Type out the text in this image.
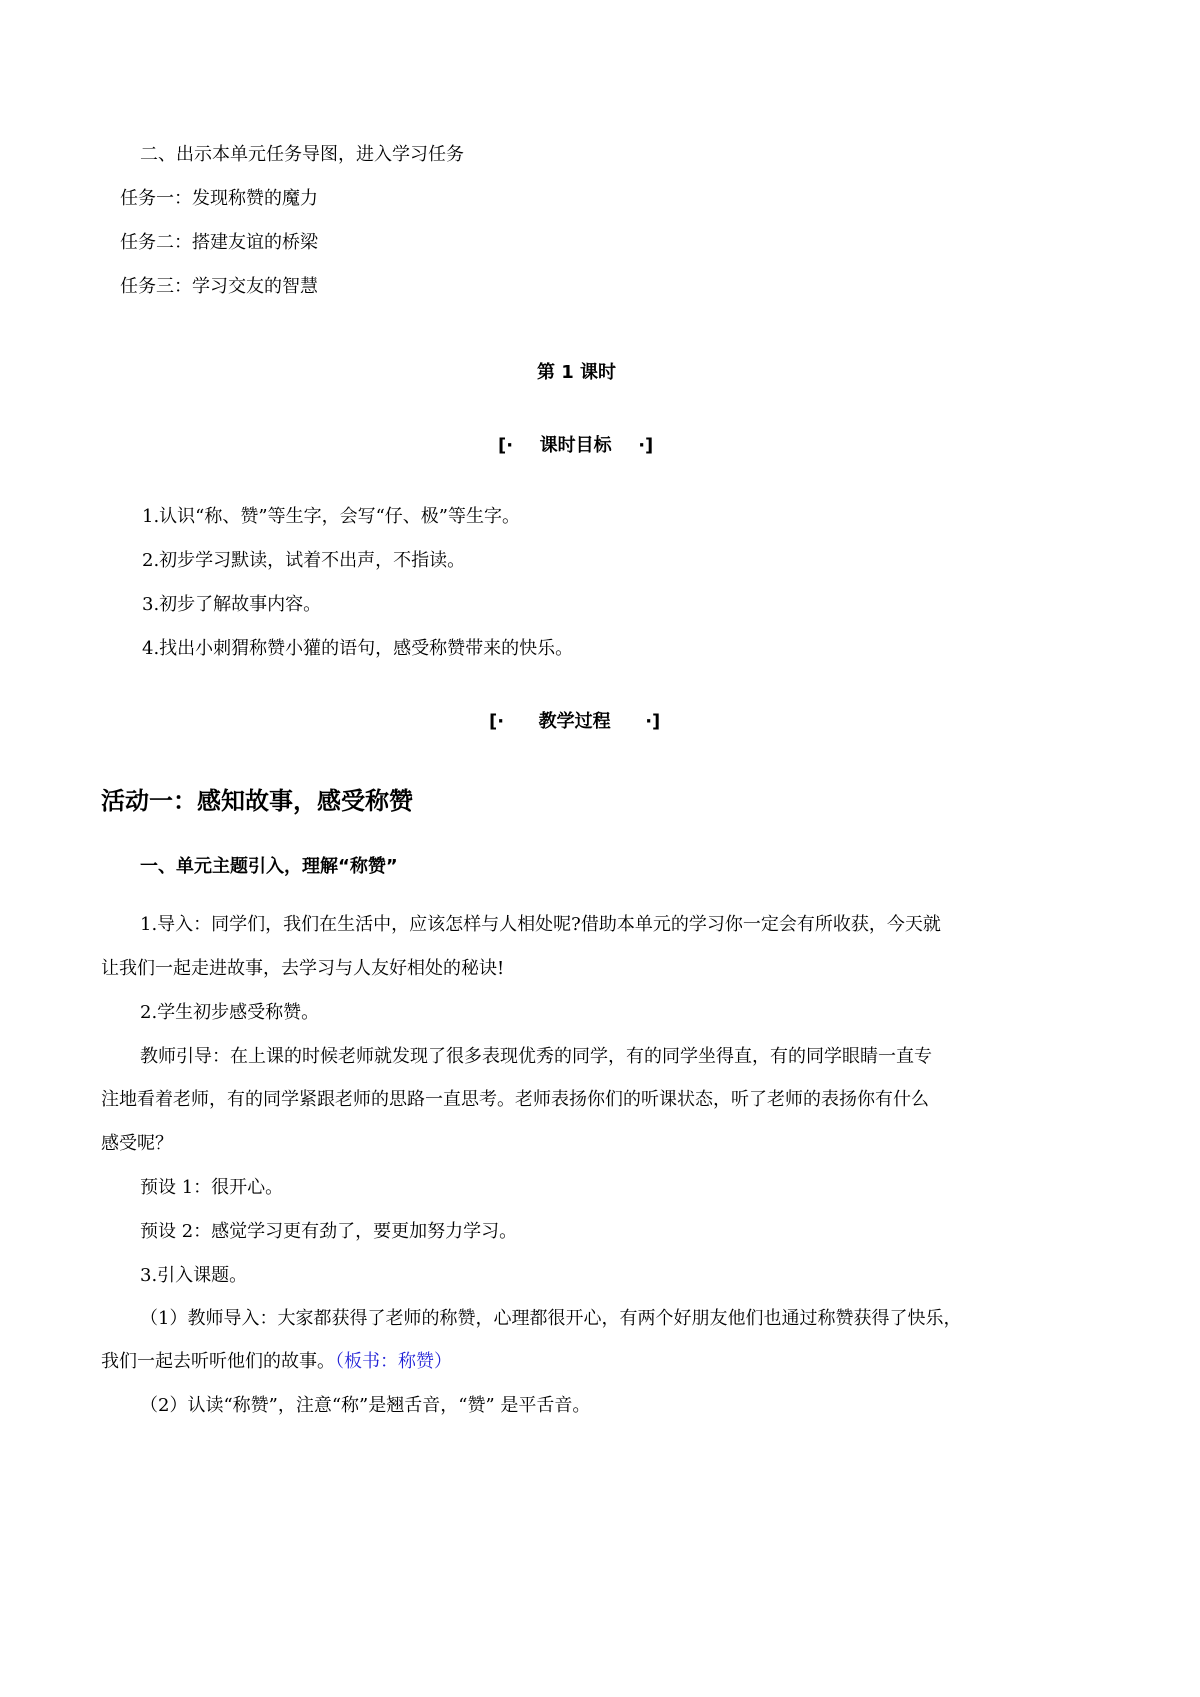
二、出示本单元任务导图，进入学习任务
任务一：发现称赞的魔力
任务二：搭建友谊的桥梁
任务三：学习交友的智慧
第 1 课时
[· 课时目标 ·]
1.认识“称、赞”等生字，会写“仔、极”等生字。
2.初步学习默读，试着不出声，不指读。
3.初步了解故事内容。
4.找出小刺猬称赞小獾的语句，感受称赞带来的快乐。
[· 教学过程 ·]
活动一：感知故事，感受称赞
一、单元主题引入，理解“称赞”
1.导入：同学们，我们在生活中，应该怎样与人相处呢?借助本单元的学习你一定会有所收获，今天就
让我们一起走进故事，去学习与人友好相处的秘诀!
2.学生初步感受称赞。
教师引导：在上课的时候老师就发现了很多表现优秀的同学，有的同学坐得直，有的同学眼睛一直专
注地看着老师，有的同学紧跟老师的思路一直思考。老师表扬你们的听课状态，听了老师的表扬你有什么
感受呢？
预设 1：很开心。
预设 2：感觉学习更有劲了，要更加努力学习。
3.引入课题。
（1）教师导入：大家都获得了老师的称赞，心理都很开心，有两个好朋友他们也通过称赞获得了快乐，
我们一起去听听他们的故事。（板书：称赞）
（2）认读“称赞”，注意“称”是翘舌音，“赞” 是平舌音。
